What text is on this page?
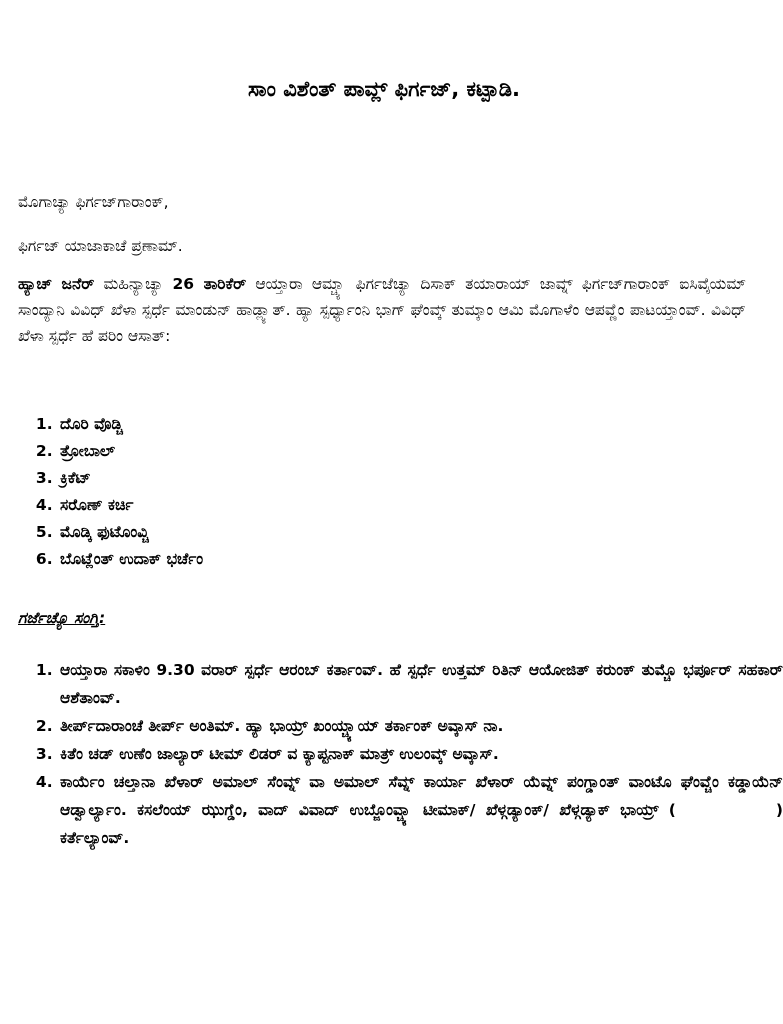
ಸಾಂ ವಿಶೆಂತ್ ಪಾವ್ಲ್ ಫಿರ್ಗಜ್, ಕಟ್ಪಾಡಿ.
ಮೊಗಾಚ್ಯಾ ಫಿರ್ಗಜ್‌ಗಾರಾಂಕ್,
ಫಿರ್ಗಜ್ ಯಾಜಾಕಾಚೆ ಪ್ರಣಾಮ್.
ಹ್ಯಾಚ್ ಜನೆರ್ ಮಹಿನ್ಯಾಚ್ಯಾ 26 ತಾರಿಕೆರ್ ಆಯ್ತಾರಾ ಆಮ್ಚ್ಯಾ ಫಿರ್ಗಜೆಚ್ಯಾ ದಿಸಾಕ್ ತಯಾರಾಯ್ ಜಾವ್ನ್ ಫಿರ್ಗಜ್‌ಗಾರಾಂಕ್ ಐಸಿವೈಯಮ್ ಸಾಂದ್ಯಾನಿ ವಿವಿಧ್ ಖೆಳಾ ಸ್ಪರ್ಧೆ ಮಾಂಡುನ್ ಹಾಡ್ಲ್ಯಾತ್. ಹ್ಯಾ ಸ್ಪರ್ಧ್ಯಾಂನಿ ಭಾಗ್ ಘೆಂವ್ಕ್ ತುಮ್ಕಾಂ ಆಮಿ ಮೊಗಾಳೆಂ ಆಪವ್ಣೆಂ ಪಾಟಯ್ತಾಂವ್. ವಿವಿಧ್ ಖೆಳಾ ಸ್ಪರ್ಧೆ ಹೆ ಪರಿಂ ಆಸಾತ್:
1. ದೊರಿ ವೊಡ್ಚಿ
2. ತ್ರೋಬಾಲ್
3. ಕ್ರಿಕೆಟ್
4. ಸರೊಣ್ ಕರ್ಚಿ
5. ಮೊಡ್ಕಿ ಫುಟೊಂವ್ಚಿ
6. ಬೊಟ್ಲೆಂತ್ ಉದಾಕ್ ಭರ್ಚೆಂ
ಗರ್ಜೆಚ್ಯೊ ಸಂಗ್ತಿ:
1. ಆಯ್ತಾರಾ ಸಕಾಳಿಂ 9.30 ವರಾರ್ ಸ್ಪರ್ಧೆ ಆರಂಬ್ ಕರ್ತಾಂವ್. ಹೆ ಸ್ಪರ್ಧೆ ಉತ್ತಮ್ ರಿತಿನ್ ಆಯೋಜಿತ್ ಕರುಂಕ್ ತುಮ್ಚೊ ಭರ್ಪೂರ್ ಸಹಕಾರ್ ಆಶೆತಾಂವ್.
2. ತೀರ್ಪ್‌ದಾರಾಂಚೆ ತೀರ್ಪ್ ಅಂತಿಮ್. ಹ್ಯಾ ಭಾಯ್ರ್ ಖಂಯ್ಚ್ಯಾಯ್ ತರ್ಕಾಂಕ್ ಅವ್ಕಾಸ್ ನಾ.
3. ಕಿತೆಂ ಚಡ್ ಉಣೆಂ ಜಾಲ್ಯಾರ್ ಟೀಮ್ ಲಿಡರ್ ವ ಕ್ಯಾಪ್ಟನಾಕ್ ಮಾತ್ರ್ ಉಲಂವ್ಕ್ ಅವ್ಕಾಸ್.
4. ಕಾರ್ಯೆಂ ಚಲ್ತಾನಾ ಖೆಳಾರ್ ಅಮಾಲ್ ಸೆಂವ್ನ್ ವಾ ಅಮಾಲ್ ಸೆವ್ನ್ ಕಾರ್ಯಾ ಖೆಳಾರ್ ಯೆವ್ನ್ ಪಂಗ್ಡಾಂತ್ ವಾಂಟೊ ಘೆಂವ್ಚೆಂ ಕಡ್ಡಾಯೆನ್ ಆಡ್ವಾರ್ಲ್ಯಾಂ. ಕಸಲೆಂಯ್ ಝುಗ್ಡೆಂ, ವಾದ್ ವಿವಾದ್ ಉಬ್ಜೊಂವ್ಚ್ಯಾ ಟೀಮಾಕ್/ ಖೆಳ್ಗಡ್ಯಾಂಕ್/ ಖೆಳ್ಗಡ್ಯಾಕ್ ಭಾಯ್ರ್ (	) ಕರ್ತೆಲ್ಯಾಂವ್.
